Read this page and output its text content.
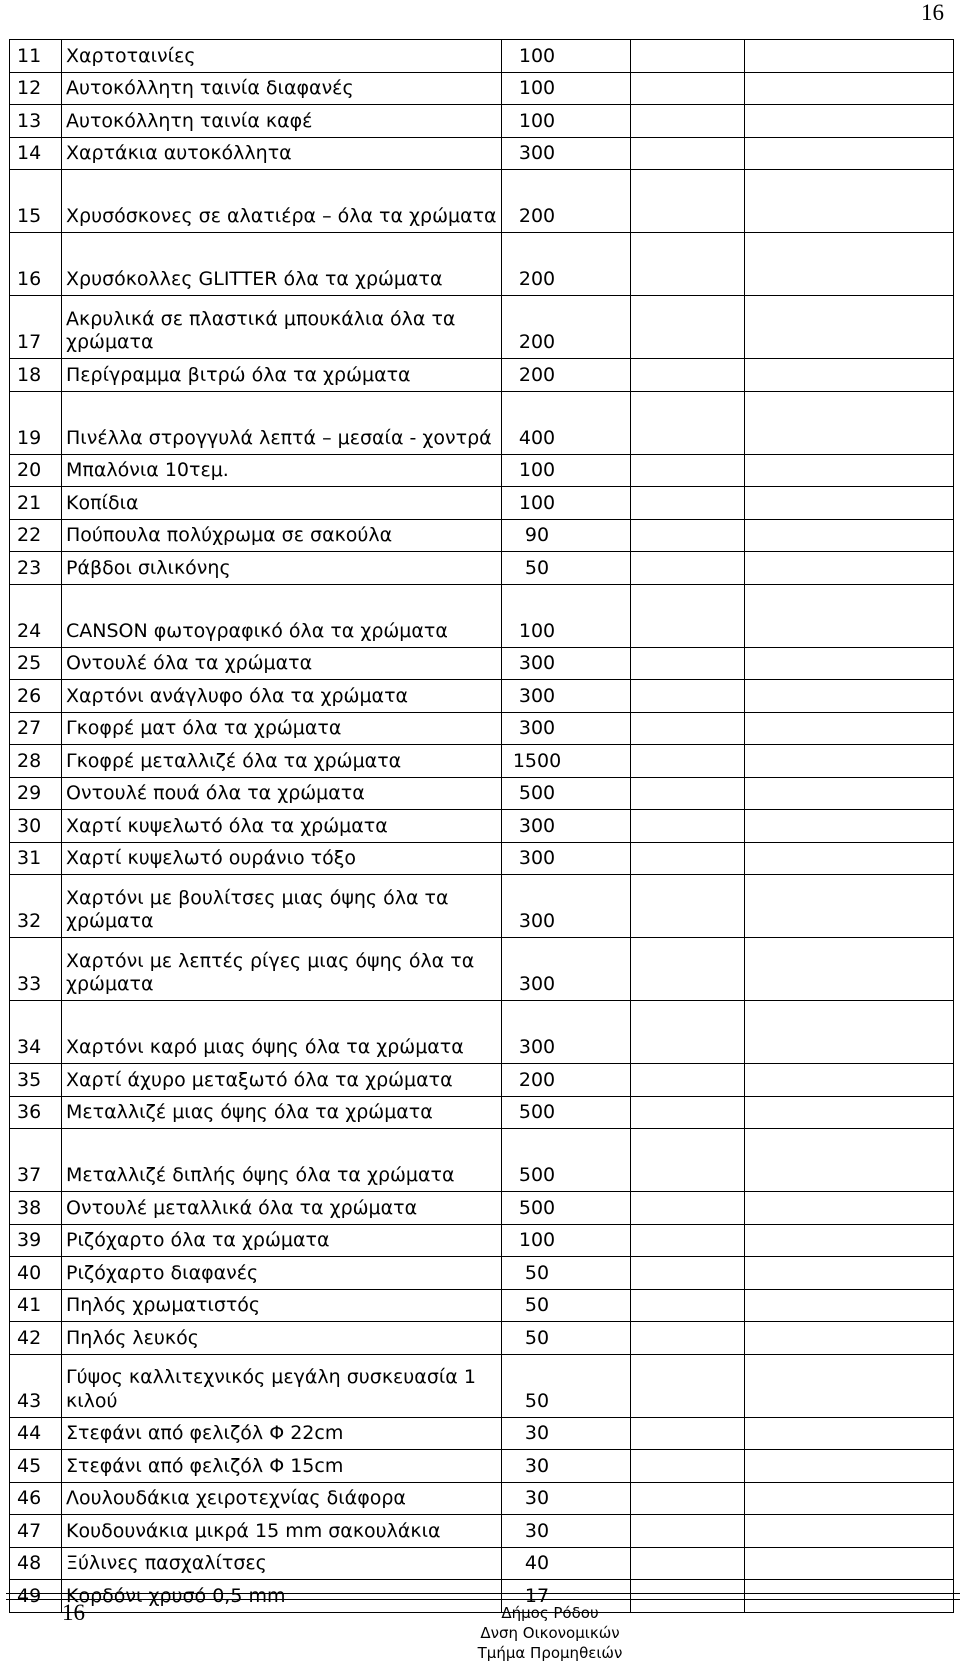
16
11	Χαρτοταινίες	100		
12	Αυτοκόλλητη ταινία διαφανές	100		
13	Αυτοκόλλητη ταινία καφέ	100		
14	Χαρτάκια αυτοκόλλητα	300		
15	Χρυσόσκονες σε αλατιέρα – όλα τα χρώματα	200		
16	Χρυσόκολλες GLITTER όλα τα χρώματα	200		
17	Ακρυλικά σε πλαστικά μπουκάλια όλα τα χρώματα	200		
18	Περίγραμμα βιτρώ όλα τα χρώματα	200		
19	Πινέλλα στρογγυλά λεπτά – μεσαία - χοντρά	400		
20	Μπαλόνια 10τεμ.	100		
21	Κοπίδια	100		
22	Πούπουλα πολύχρωμα σε σακούλα	90		
23	Ράβδοι σιλικόνης	50		
24	CANSON φωτογραφικό όλα τα χρώματα	100		
25	Οντουλέ όλα τα χρώματα	300		
26	Χαρτόνι ανάγλυφο όλα τα χρώματα	300		
27	Γκοφρέ ματ όλα τα χρώματα	300		
28	Γκοφρέ μεταλλιζέ όλα τα χρώματα	1500		
29	Οντουλέ πουά όλα τα χρώματα	500		
30	Χαρτί κυψελωτό όλα τα χρώματα	300		
31	Χαρτί κυψελωτό ουράνιο τόξο	300		
32	Χαρτόνι με βουλίτσες μιας όψης όλα τα χρώματα	300		
33	Χαρτόνι με λεπτές ρίγες μιας όψης όλα τα χρώματα	300		
34	Χαρτόνι καρό μιας όψης όλα τα χρώματα	300		
35	Χαρτί άχυρο μεταξωτό όλα τα χρώματα	200		
36	Μεταλλιζέ μιας όψης όλα τα χρώματα	500		
37	Μεταλλιζέ διπλής όψης όλα τα χρώματα	500		
38	Οντουλέ μεταλλικά όλα τα χρώματα	500		
39	Ριζόχαρτο όλα τα χρώματα	100		
40	Ριζόχαρτο διαφανές	50		
41	Πηλός χρωματιστός	50		
42	Πηλός λευκός	50		
43	Γύψος καλλιτεχνικός μεγάλη συσκευασία 1 κιλού	50		
44	Στεφάνι από φελιζόλ Φ 22cm	30		
45	Στεφάνι από φελιζόλ Φ 15cm	30		
46	Λουλουδάκια χειροτεχνίας διάφορα	30		
47	Κουδουνάκια μικρά 15 mm σακουλάκια	30		
48	Ξύλινες πασχαλίτσες	40		
49	Κορδόνι χρυσό 0,5 mm	17		
16	Δήμος Ρόδου
Δνση Οικονομικών
Τμήμα Προμηθειών
